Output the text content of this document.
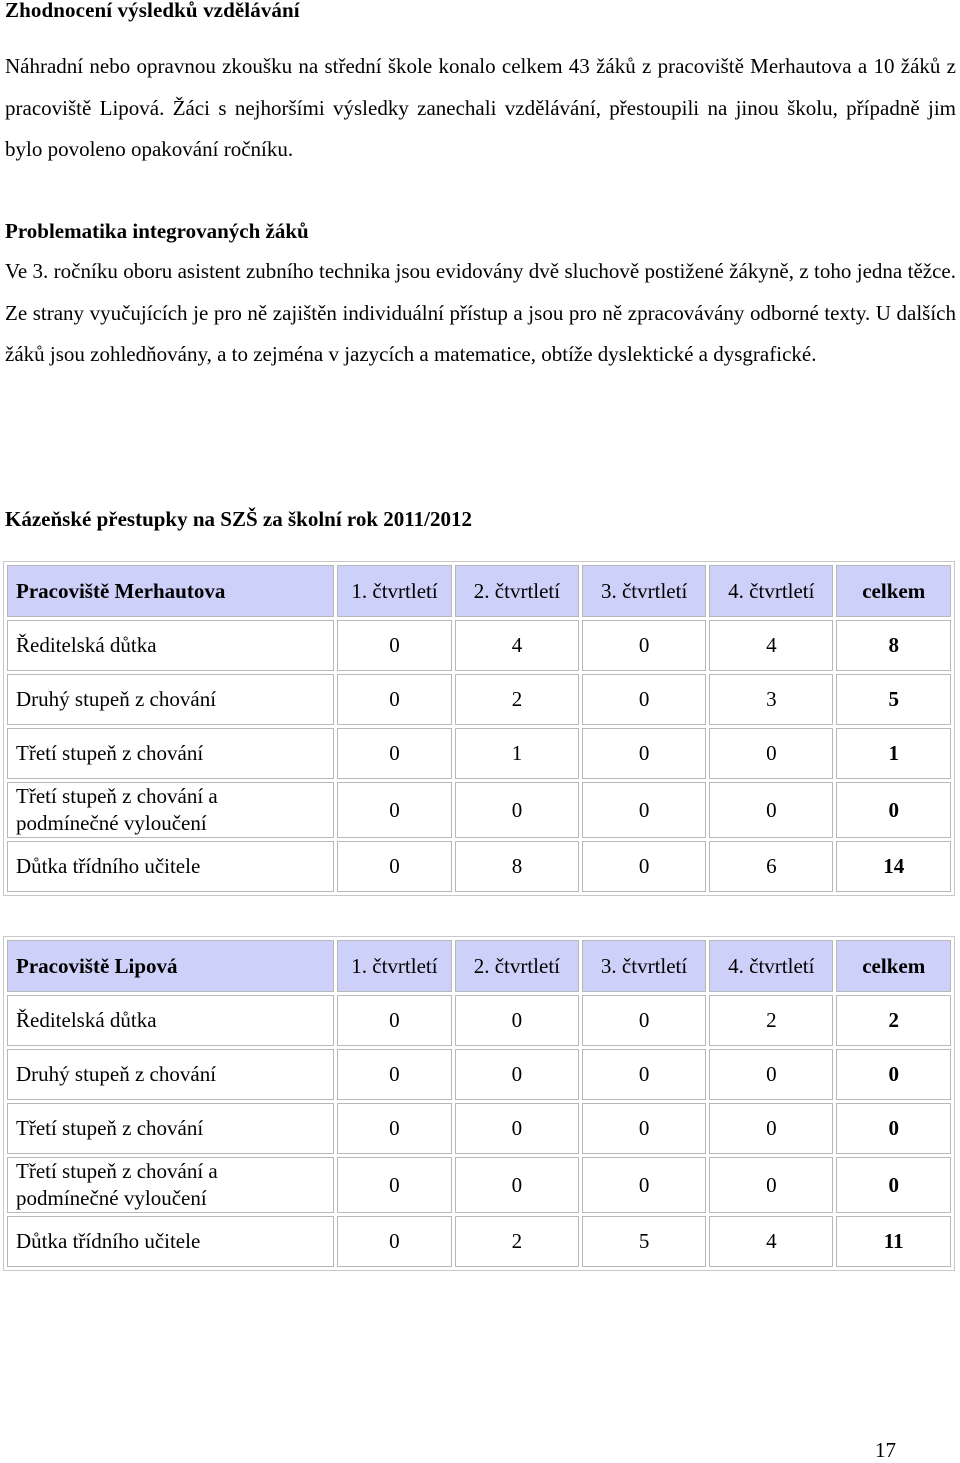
Zhodnocení výsledků vzdělávání

Náhradní nebo opravnou zkoušku na střední škole konalo celkem 43 žáků z pracoviště Merhautova a 10 žáků z pracoviště Lipová. Žáci s nejhoršími výsledky zanechali vzdělávání, přestoupili na jinou školu, případně jim bylo povoleno opakování ročníku.

Problematika integrovaných žáků

Ve 3. ročníku oboru asistent zubního technika jsou evidovány dvě sluchově postižené žákyně, z toho jedna těžce. Ze strany vyučujících je pro ně zajištěn individuální přístup a jsou pro ně zpracovávány odborné texty. U dalších žáků jsou zohledňovány, a to zejména v jazycích a matematice, obtíže dyslektické a dysgrafické.

Kázeňské přestupky na SZŠ za školní rok 2011/2012
Pracoviště Merhautova	1. čtvrtletí	2. čtvrtletí	3. čtvrtletí	4. čtvrtletí	celkem
Ředitelská důtka	0	4	0	4	8
Druhý stupeň z chování	0	2	0	3	5
Třetí stupeň z chování	0	1	0	0	1
Třetí stupeň z chování a podmínečné vyloučení	0	0	0	0	0
Důtka třídního učitele	0	8	0	6	14
Pracoviště Lipová	1. čtvrtletí	2. čtvrtletí	3. čtvrtletí	4. čtvrtletí	celkem
Ředitelská důtka	0	0	0	2	2
Druhý stupeň z chování	0	0	0	0	0
Třetí stupeň z chování	0	0	0	0	0
Třetí stupeň z chování a podmínečné vyloučení	0	0	0	0	0
Důtka třídního učitele	0	2	5	4	11

17
